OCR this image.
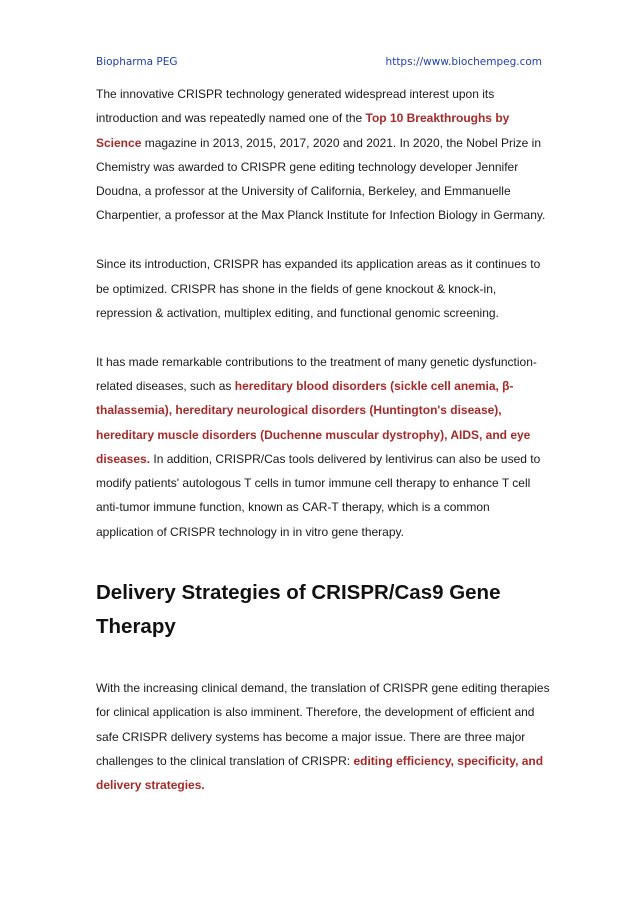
Biopharma PEG	https://www.biochempeg.com

The innovative CRISPR technology generated widespread interest upon its introduction and was repeatedly named one of the Top 10 Breakthroughs by Science magazine in 2013, 2015, 2017, 2020 and 2021. In 2020, the Nobel Prize in Chemistry was awarded to CRISPR gene editing technology developer Jennifer Doudna, a professor at the University of California, Berkeley, and Emmanuelle Charpentier, a professor at the Max Planck Institute for Infection Biology in Germany.

Since its introduction, CRISPR has expanded its application areas as it continues to be optimized. CRISPR has shone in the fields of gene knockout & knock-in, repression & activation, multiplex editing, and functional genomic screening.

It has made remarkable contributions to the treatment of many genetic dysfunction-related diseases, such as hereditary blood disorders (sickle cell anemia, β-thalassemia), hereditary neurological disorders (Huntington's disease), hereditary muscle disorders (Duchenne muscular dystrophy), AIDS, and eye diseases. In addition, CRISPR/Cas tools delivered by lentivirus can also be used to modify patients' autologous T cells in tumor immune cell therapy to enhance T cell anti-tumor immune function, known as CAR-T therapy, which is a common application of CRISPR technology in in vitro gene therapy.

Delivery Strategies of CRISPR/Cas9 Gene Therapy

With the increasing clinical demand, the translation of CRISPR gene editing therapies for clinical application is also imminent. Therefore, the development of efficient and safe CRISPR delivery systems has become a major issue. There are three major challenges to the clinical translation of CRISPR: editing efficiency, specificity, and delivery strategies.
